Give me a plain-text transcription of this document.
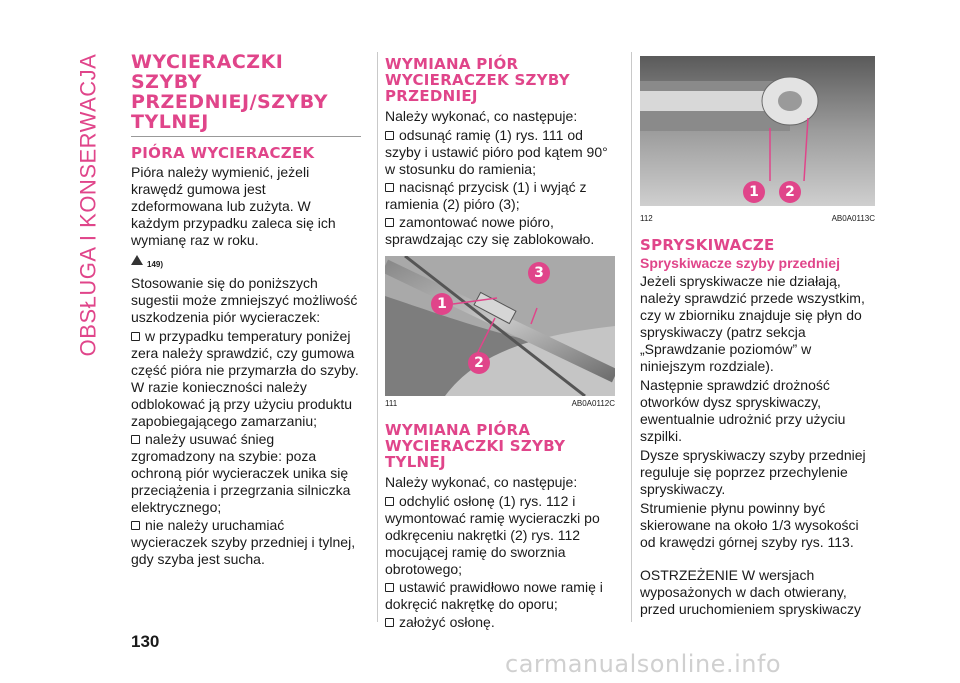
OBSŁUGA I KONSERWACJA WYCIERACZKI SZYBY PRZEDNIEJ/SZYBY TYLNEJ
PIÓRA WYCIERACZEK
Pióra należy wymienić, jeżeli krawędź gumowa jest zdeformowana lub zużyta. W każdym przypadku zaleca się ich wymianę raz w roku.
149)
Stosowanie się do poniższych sugestii może zmniejszyć możliwość uszkodzenia piór wycieraczek:
w przypadku temperatury poniżej zera należy sprawdzić, czy gumowa część pióra nie przymarzła do szyby. W razie konieczności należy odblokować ją przy użyciu produktu zapobiegającego zamarzaniu;
należy usuwać śnieg zgromadzony na szybie: poza ochroną piór wycieraczek unika się przeciążenia i przegrzania silniczka elektrycznego;
nie należy uruchamiać wycieraczek szyby przedniej i tylnej, gdy szyba jest sucha.
WYMIANA PIÓR WYCIERACZEK SZYBY PRZEDNIEJ
Należy wykonać, co następuje:
odsunąć ramię (1) rys. 111 od szyby i ustawić pióro pod kątem 90° w stosunku do ramienia;
nacisnąć przycisk (1) i wyjąć z ramienia (2) pióro (3);
zamontować nowe pióro, sprawdzając czy się zablokowało.
1
2
3
111	AB0A0112C
WYMIANA PIÓRA WYCIERACZKI SZYBY TYLNEJ
Należy wykonać, co następuje:
odchylić osłonę (1) rys. 112 i wymontować ramię wycieraczki po odkręceniu nakrętki (2) rys. 112 mocującej ramię do sworznia obrotowego;
ustawić prawidłowo nowe ramię i dokręcić nakrętkę do oporu;
założyć osłonę.
1	2
112	AB0A0113C
SPRYSKIWACZE
Spryskiwacze szyby przedniej
Jeżeli spryskiwacze nie działają, należy sprawdzić przede wszystkim, czy w zbiorniku znajduje się płyn do spryskiwaczy (patrz sekcja „Sprawdzanie poziomów” w niniejszym rozdziale).
Następnie sprawdzić drożność otworków dysz spryskiwaczy, ewentualnie udrożnić przy użyciu szpilki.
Dysze spryskiwaczy szyby przedniej reguluje się poprzez przechylenie spryskiwaczy.
Strumienie płynu powinny być skierowane na około 1/3 wysokości od krawędzi górnej szyby rys. 113.
OSTRZEŻENIE W wersjach wyposażonych w dach otwierany, przed uruchomieniem spryskiwaczy
130
carmanualsonline.info
